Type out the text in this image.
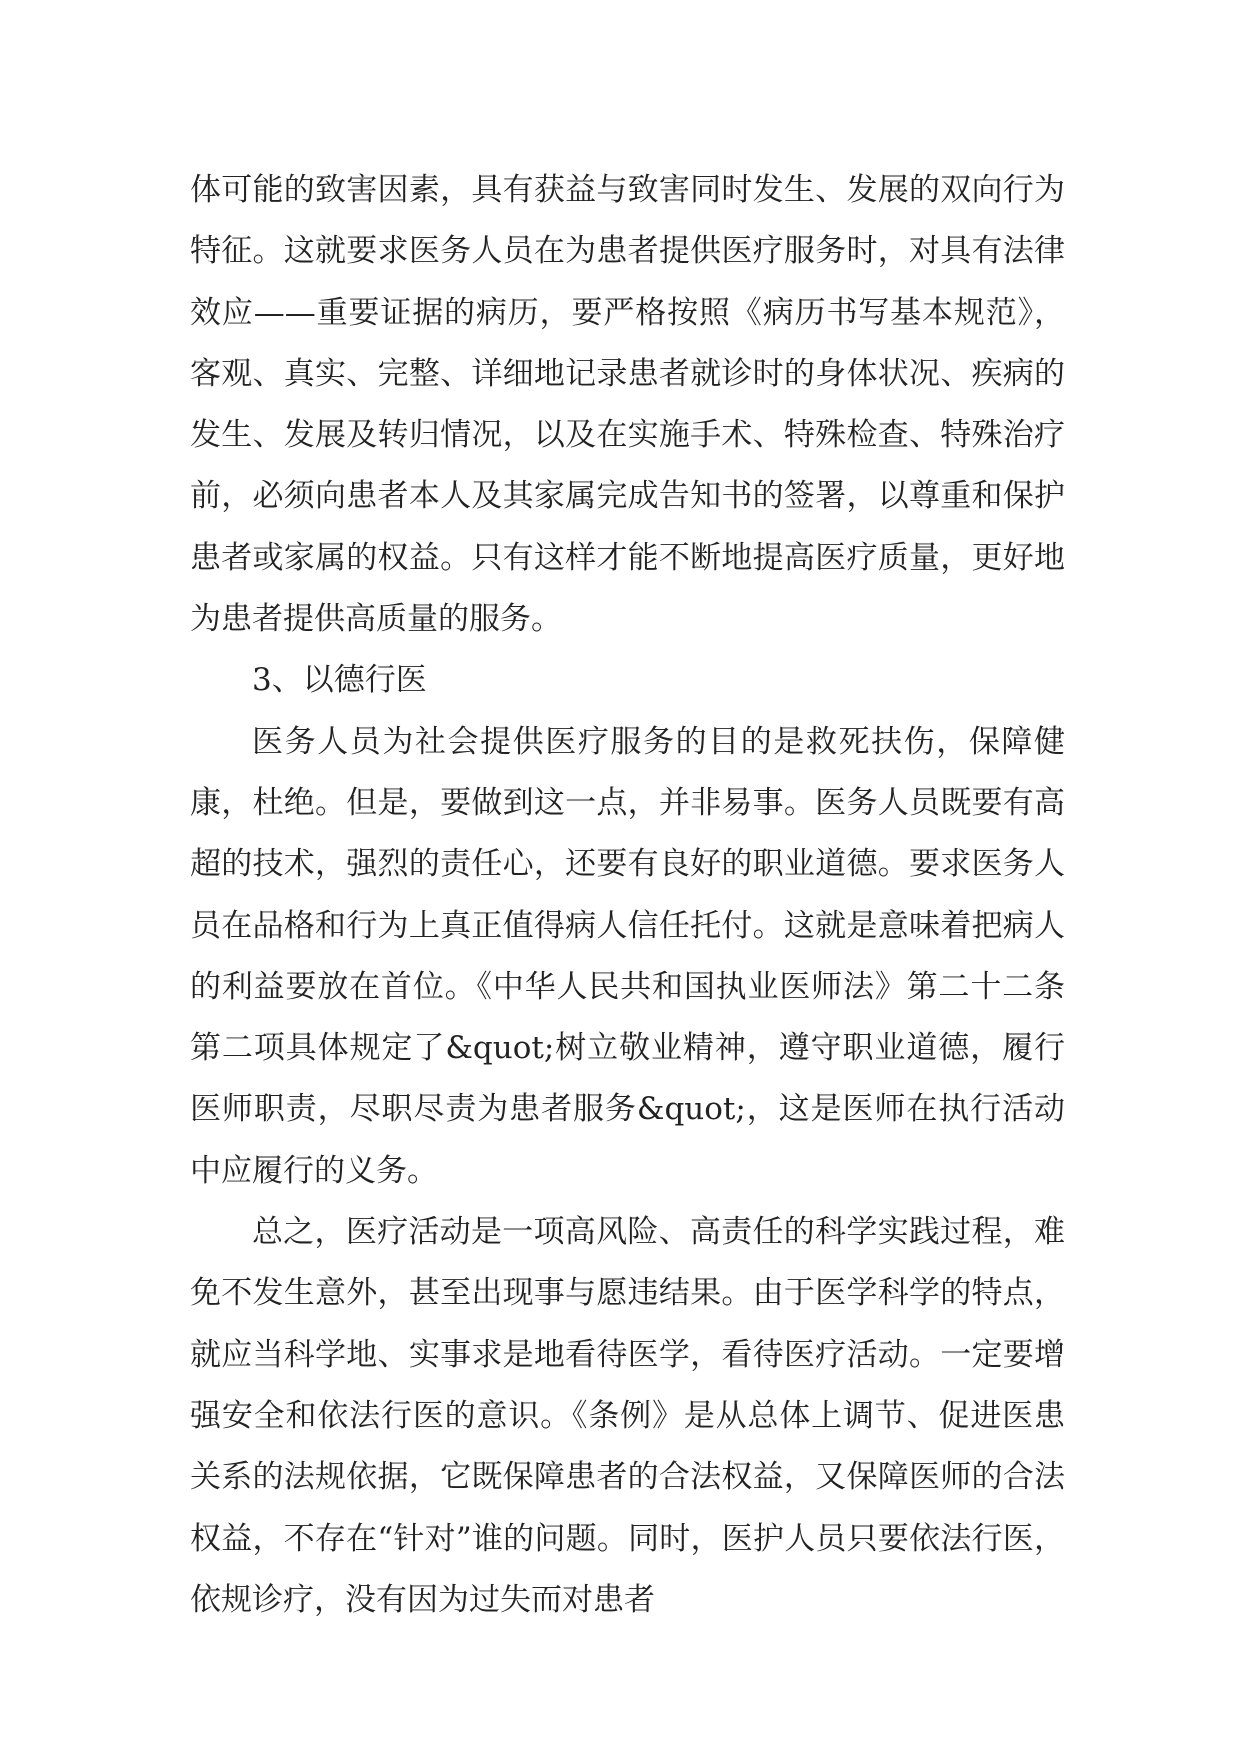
体可能的致害因素，具有获益与致害同时发生、发展的双向行为特征。这就要求医务人员在为患者提供医疗服务时，对具有法律效应——重要证据的病历，要严格按照《病历书写基本规范》，客观、真实、完整、详细地记录患者就诊时的身体状况、疾病的发生、发展及转归情况，以及在实施手术、特殊检查、特殊治疗前，必须向患者本人及其家属完成告知书的签署，以尊重和保护患者或家属的权益。只有这样才能不断地提高医疗质量，更好地为患者提供高质量的服务。

3、以德行医

医务人员为社会提供医疗服务的目的是救死扶伤，保障健康，杜绝。但是，要做到这一点，并非易事。医务人员既要有高超的技术，强烈的责任心，还要有良好的职业道德。要求医务人员在品格和行为上真正值得病人信任托付。这就是意味着把病人的利益要放在首位。《中华人民共和国执业医师法》第二十二条第二项具体规定了&quot;树立敬业精神，遵守职业道德，履行医师职责，尽职尽责为患者服务&quot;，这是医师在执行活动中应履行的义务。

总之，医疗活动是一项高风险、高责任的科学实践过程，难免不发生意外，甚至出现事与愿违结果。由于医学科学的特点，就应当科学地、实事求是地看待医学，看待医疗活动。一定要增强安全和依法行医的意识。《条例》是从总体上调节、促进医患关系的法规依据，它既保障患者的合法权益，又保障医师的合法权益，不存在“针对”谁的问题。同时，医护人员只要依法行医，依规诊疗，没有因为过失而对患者
